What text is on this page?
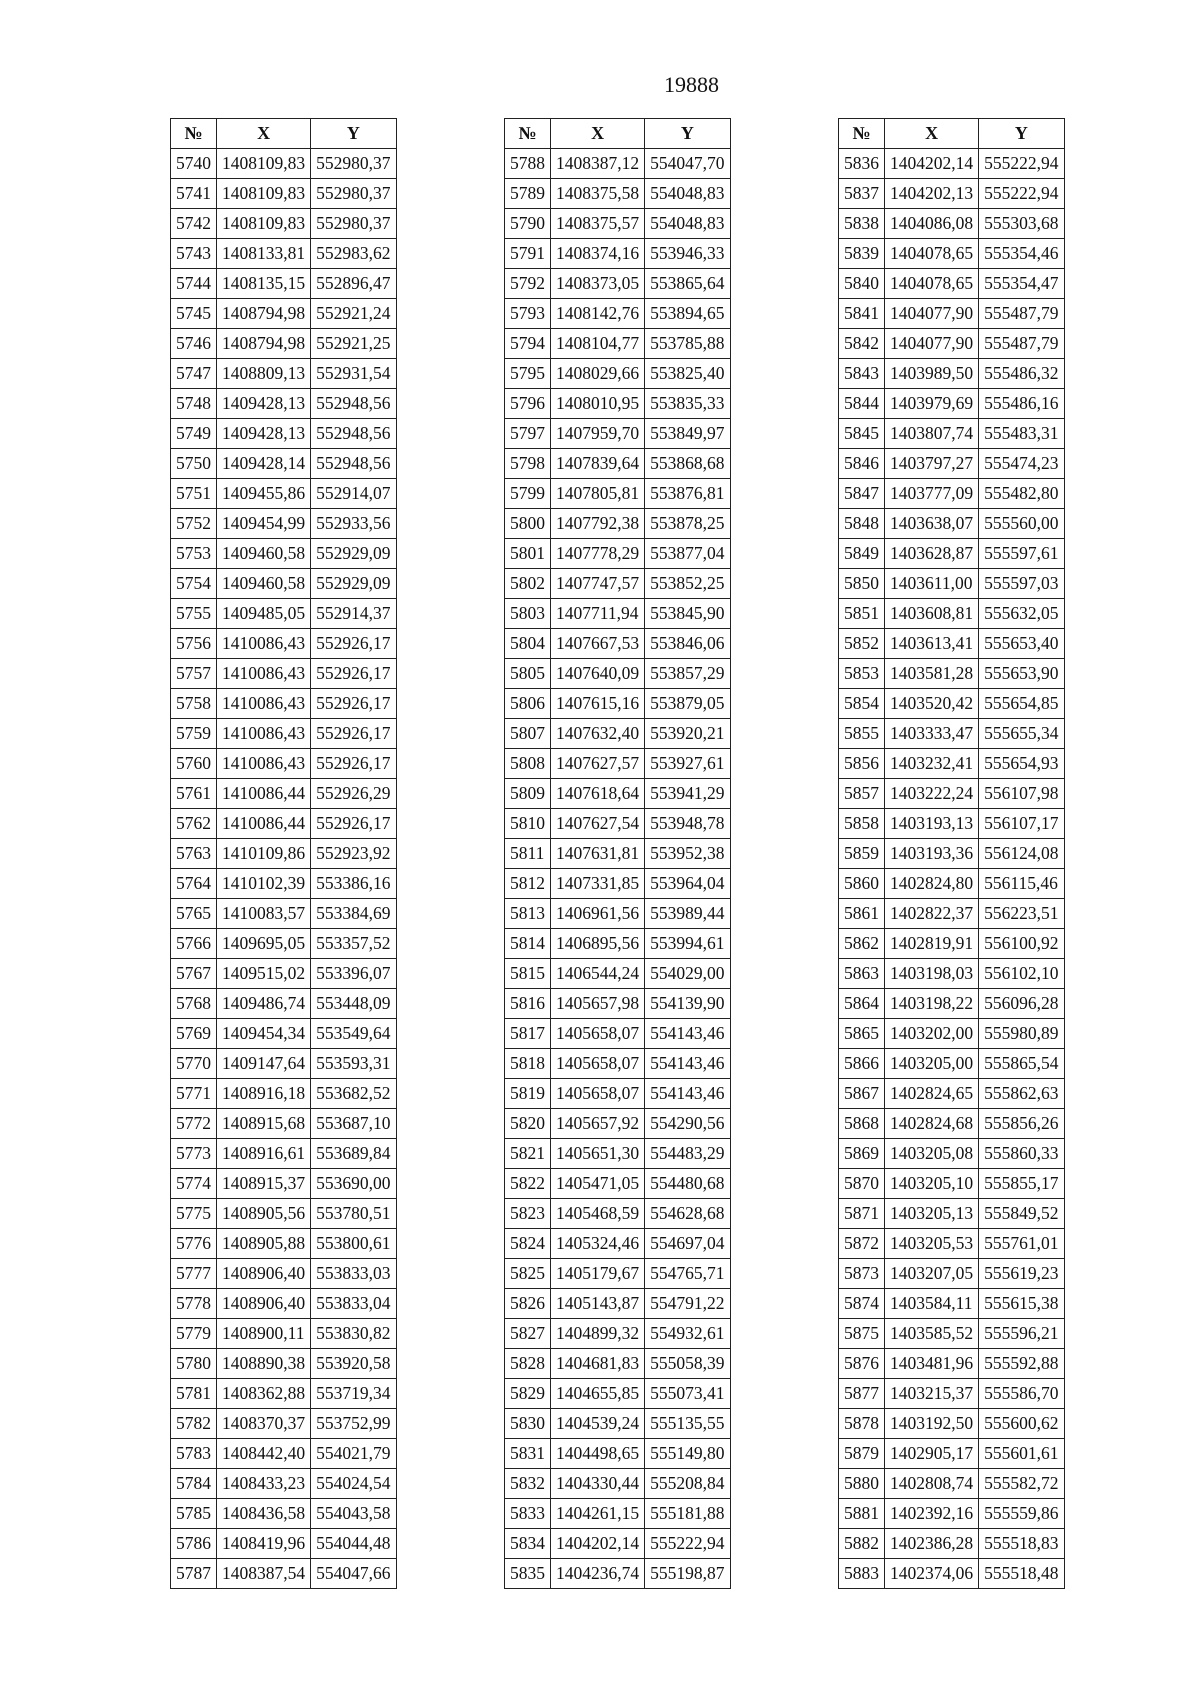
19888
№	X	Y
5740	1408109,83	552980,37
5741	1408109,83	552980,37
5742	1408109,83	552980,37
5743	1408133,81	552983,62
5744	1408135,15	552896,47
5745	1408794,98	552921,24
5746	1408794,98	552921,25
5747	1408809,13	552931,54
5748	1409428,13	552948,56
5749	1409428,13	552948,56
5750	1409428,14	552948,56
5751	1409455,86	552914,07
5752	1409454,99	552933,56
5753	1409460,58	552929,09
5754	1409460,58	552929,09
5755	1409485,05	552914,37
5756	1410086,43	552926,17
5757	1410086,43	552926,17
5758	1410086,43	552926,17
5759	1410086,43	552926,17
5760	1410086,43	552926,17
5761	1410086,44	552926,29
5762	1410086,44	552926,17
5763	1410109,86	552923,92
5764	1410102,39	553386,16
5765	1410083,57	553384,69
5766	1409695,05	553357,52
5767	1409515,02	553396,07
5768	1409486,74	553448,09
5769	1409454,34	553549,64
5770	1409147,64	553593,31
5771	1408916,18	553682,52
5772	1408915,68	553687,10
5773	1408916,61	553689,84
5774	1408915,37	553690,00
5775	1408905,56	553780,51
5776	1408905,88	553800,61
5777	1408906,40	553833,03
5778	1408906,40	553833,04
5779	1408900,11	553830,82
5780	1408890,38	553920,58
5781	1408362,88	553719,34
5782	1408370,37	553752,99
5783	1408442,40	554021,79
5784	1408433,23	554024,54
5785	1408436,58	554043,58
5786	1408419,96	554044,48
5787	1408387,54	554047,66
№	X	Y
5788	1408387,12	554047,70
5789	1408375,58	554048,83
5790	1408375,57	554048,83
5791	1408374,16	553946,33
5792	1408373,05	553865,64
5793	1408142,76	553894,65
5794	1408104,77	553785,88
5795	1408029,66	553825,40
5796	1408010,95	553835,33
5797	1407959,70	553849,97
5798	1407839,64	553868,68
5799	1407805,81	553876,81
5800	1407792,38	553878,25
5801	1407778,29	553877,04
5802	1407747,57	553852,25
5803	1407711,94	553845,90
5804	1407667,53	553846,06
5805	1407640,09	553857,29
5806	1407615,16	553879,05
5807	1407632,40	553920,21
5808	1407627,57	553927,61
5809	1407618,64	553941,29
5810	1407627,54	553948,78
5811	1407631,81	553952,38
5812	1407331,85	553964,04
5813	1406961,56	553989,44
5814	1406895,56	553994,61
5815	1406544,24	554029,00
5816	1405657,98	554139,90
5817	1405658,07	554143,46
5818	1405658,07	554143,46
5819	1405658,07	554143,46
5820	1405657,92	554290,56
5821	1405651,30	554483,29
5822	1405471,05	554480,68
5823	1405468,59	554628,68
5824	1405324,46	554697,04
5825	1405179,67	554765,71
5826	1405143,87	554791,22
5827	1404899,32	554932,61
5828	1404681,83	555058,39
5829	1404655,85	555073,41
5830	1404539,24	555135,55
5831	1404498,65	555149,80
5832	1404330,44	555208,84
5833	1404261,15	555181,88
5834	1404202,14	555222,94
5835	1404236,74	555198,87
№	X	Y
5836	1404202,14	555222,94
5837	1404202,13	555222,94
5838	1404086,08	555303,68
5839	1404078,65	555354,46
5840	1404078,65	555354,47
5841	1404077,90	555487,79
5842	1404077,90	555487,79
5843	1403989,50	555486,32
5844	1403979,69	555486,16
5845	1403807,74	555483,31
5846	1403797,27	555474,23
5847	1403777,09	555482,80
5848	1403638,07	555560,00
5849	1403628,87	555597,61
5850	1403611,00	555597,03
5851	1403608,81	555632,05
5852	1403613,41	555653,40
5853	1403581,28	555653,90
5854	1403520,42	555654,85
5855	1403333,47	555655,34
5856	1403232,41	555654,93
5857	1403222,24	556107,98
5858	1403193,13	556107,17
5859	1403193,36	556124,08
5860	1402824,80	556115,46
5861	1402822,37	556223,51
5862	1402819,91	556100,92
5863	1403198,03	556102,10
5864	1403198,22	556096,28
5865	1403202,00	555980,89
5866	1403205,00	555865,54
5867	1402824,65	555862,63
5868	1402824,68	555856,26
5869	1403205,08	555860,33
5870	1403205,10	555855,17
5871	1403205,13	555849,52
5872	1403205,53	555761,01
5873	1403207,05	555619,23
5874	1403584,11	555615,38
5875	1403585,52	555596,21
5876	1403481,96	555592,88
5877	1403215,37	555586,70
5878	1403192,50	555600,62
5879	1402905,17	555601,61
5880	1402808,74	555582,72
5881	1402392,16	555559,86
5882	1402386,28	555518,83
5883	1402374,06	555518,48
